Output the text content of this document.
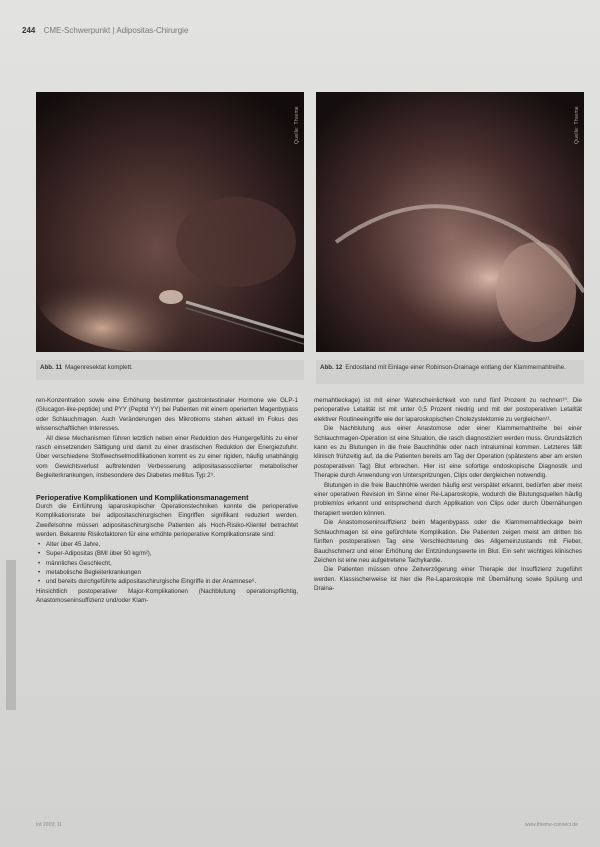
244 CME-Schwerpunkt | Adipositas-Chirurgie
Quelle: Thieme	Quelle: Thieme
Abb. 11 Magenresektat komplett.	Abb. 12 Endostland mit Einlage einer Robinson-Drainage entlang der Klammernahtreihe.

ren-Konzentration sowie eine Erhöhung bestimmter gastrointestinaler Hormone wie GLP-1 (Glucagon-like-peptide) und PYY (Peptid YY) bei Patienten mit einem operierten Magenbypass oder Schlauchmagen. Auch Veränderungen des Mikrobioms stehen aktuell im Fokus des wissenschaftlichen Interesses.

All diese Mechanismen führen letztlich neben einer Reduktion des Hungergefühls zu einer rasch einsetzenden Sättigung und damit zu einer drastischen Reduktion der Energiezufuhr. Über verschiedene Stoffwechselmodifikationen kommt es zu einer rigiden, häufig unabhängig vom Gewichtsverlust auftretenden Verbesserung adipositasassoziierter metabolischer Begleiterkrankungen, insbesondere des Diabetes mellitus Typ 2⁹.

Perioperative Komplikationen und Komplikationsmanagement

Durch die Einführung laparoskopischer Operationstechniken konnte die perioperative Komplikationsrate bei adipositaschirurgischen Eingriffen signifikant reduziert werden. Zweifelsohne müssen adipositaschirurgische Patienten als Hoch-Risiko-Klientel betrachtet werden. Bekannte Risikofaktoren für eine erhöhte perioperative Komplikationsrate sind:

• Alter über 45 Jahre,
• Super-Adipositas (BMI über 50 kg/m²),
• männliches Geschlecht,
• metabolische Begleiterkrankungen
• und bereits durchgeführte adipositaschirurgische Eingriffe in der Anamnese⁶.

Hinsichtlich postoperativer Major-Komplikationen (Nachblutung operationspflichtig, Anastomoseninsuffizienz und/oder Klam-

mernahtleckage) ist mit einer Wahrscheinlichkeit von rund fünf Prozent zu rechnen¹⁰. Die perioperative Letalität ist mit unter 0,5 Prozent niedrig und mit der postoperativen Letalität elektiver Routineeingriffe wie der laparoskopischen Cholezystektomie zu vergleichen¹¹.

Die Nachblutung aus einer Anastomose oder einer Klammernahtreihe bei einer Schlauchmagen-Operation ist eine Situation, die rasch diagnostiziert werden muss. Grundsätzlich kann es zu Blutungen in die freie Bauchhöhle oder nach intraluminal kommen. Letzteres fällt klinisch frühzeitig auf, da die Patienten bereits am Tag der Operation (spätestens aber am ersten postoperativen Tag) Blut erbrechen. Hier ist eine sofortige endoskopische Diagnostik und Therapie durch Anwendung von Unterspritzungen, Clips oder dergleichen notwendig.

Blutungen in die freie Bauchhöhle werden häufig erst verspätet erkannt, bedürfen aber meist einer operativen Revision im Sinne einer Re-Laparoskopie, wodurch die Blutungsquellen häufig problemlos erkannt und entsprechend durch Applikation von Clips oder durch Übernähungen therapiert werden können.

Die Anastomoseninsuffizienz beim Magenbypass oder die Klammernahtleckage beim Schlauchmagen ist eine gefürchtete Komplikation. Die Patienten zeigen meist am dritten bis fünften postoperativen Tag eine Verschlechterung des Allgemeinzustands mit Fieber, Bauchschmerz und einer Erhöhung der Entzündungswerte im Blut. Ein sehr wichtiges klinisches Zeichen ist eine neu aufgetretene Tachykardie.

Die Patienten müssen ohne Zeitverzögerung einer Therapie der Insuffizienz zugeführt werden. Klassischerweise ist hier die Re-Laparoskopie mit Übernähung sowie Spülung und Draina-

Int 2019; 11	www.thieme-connect.de
